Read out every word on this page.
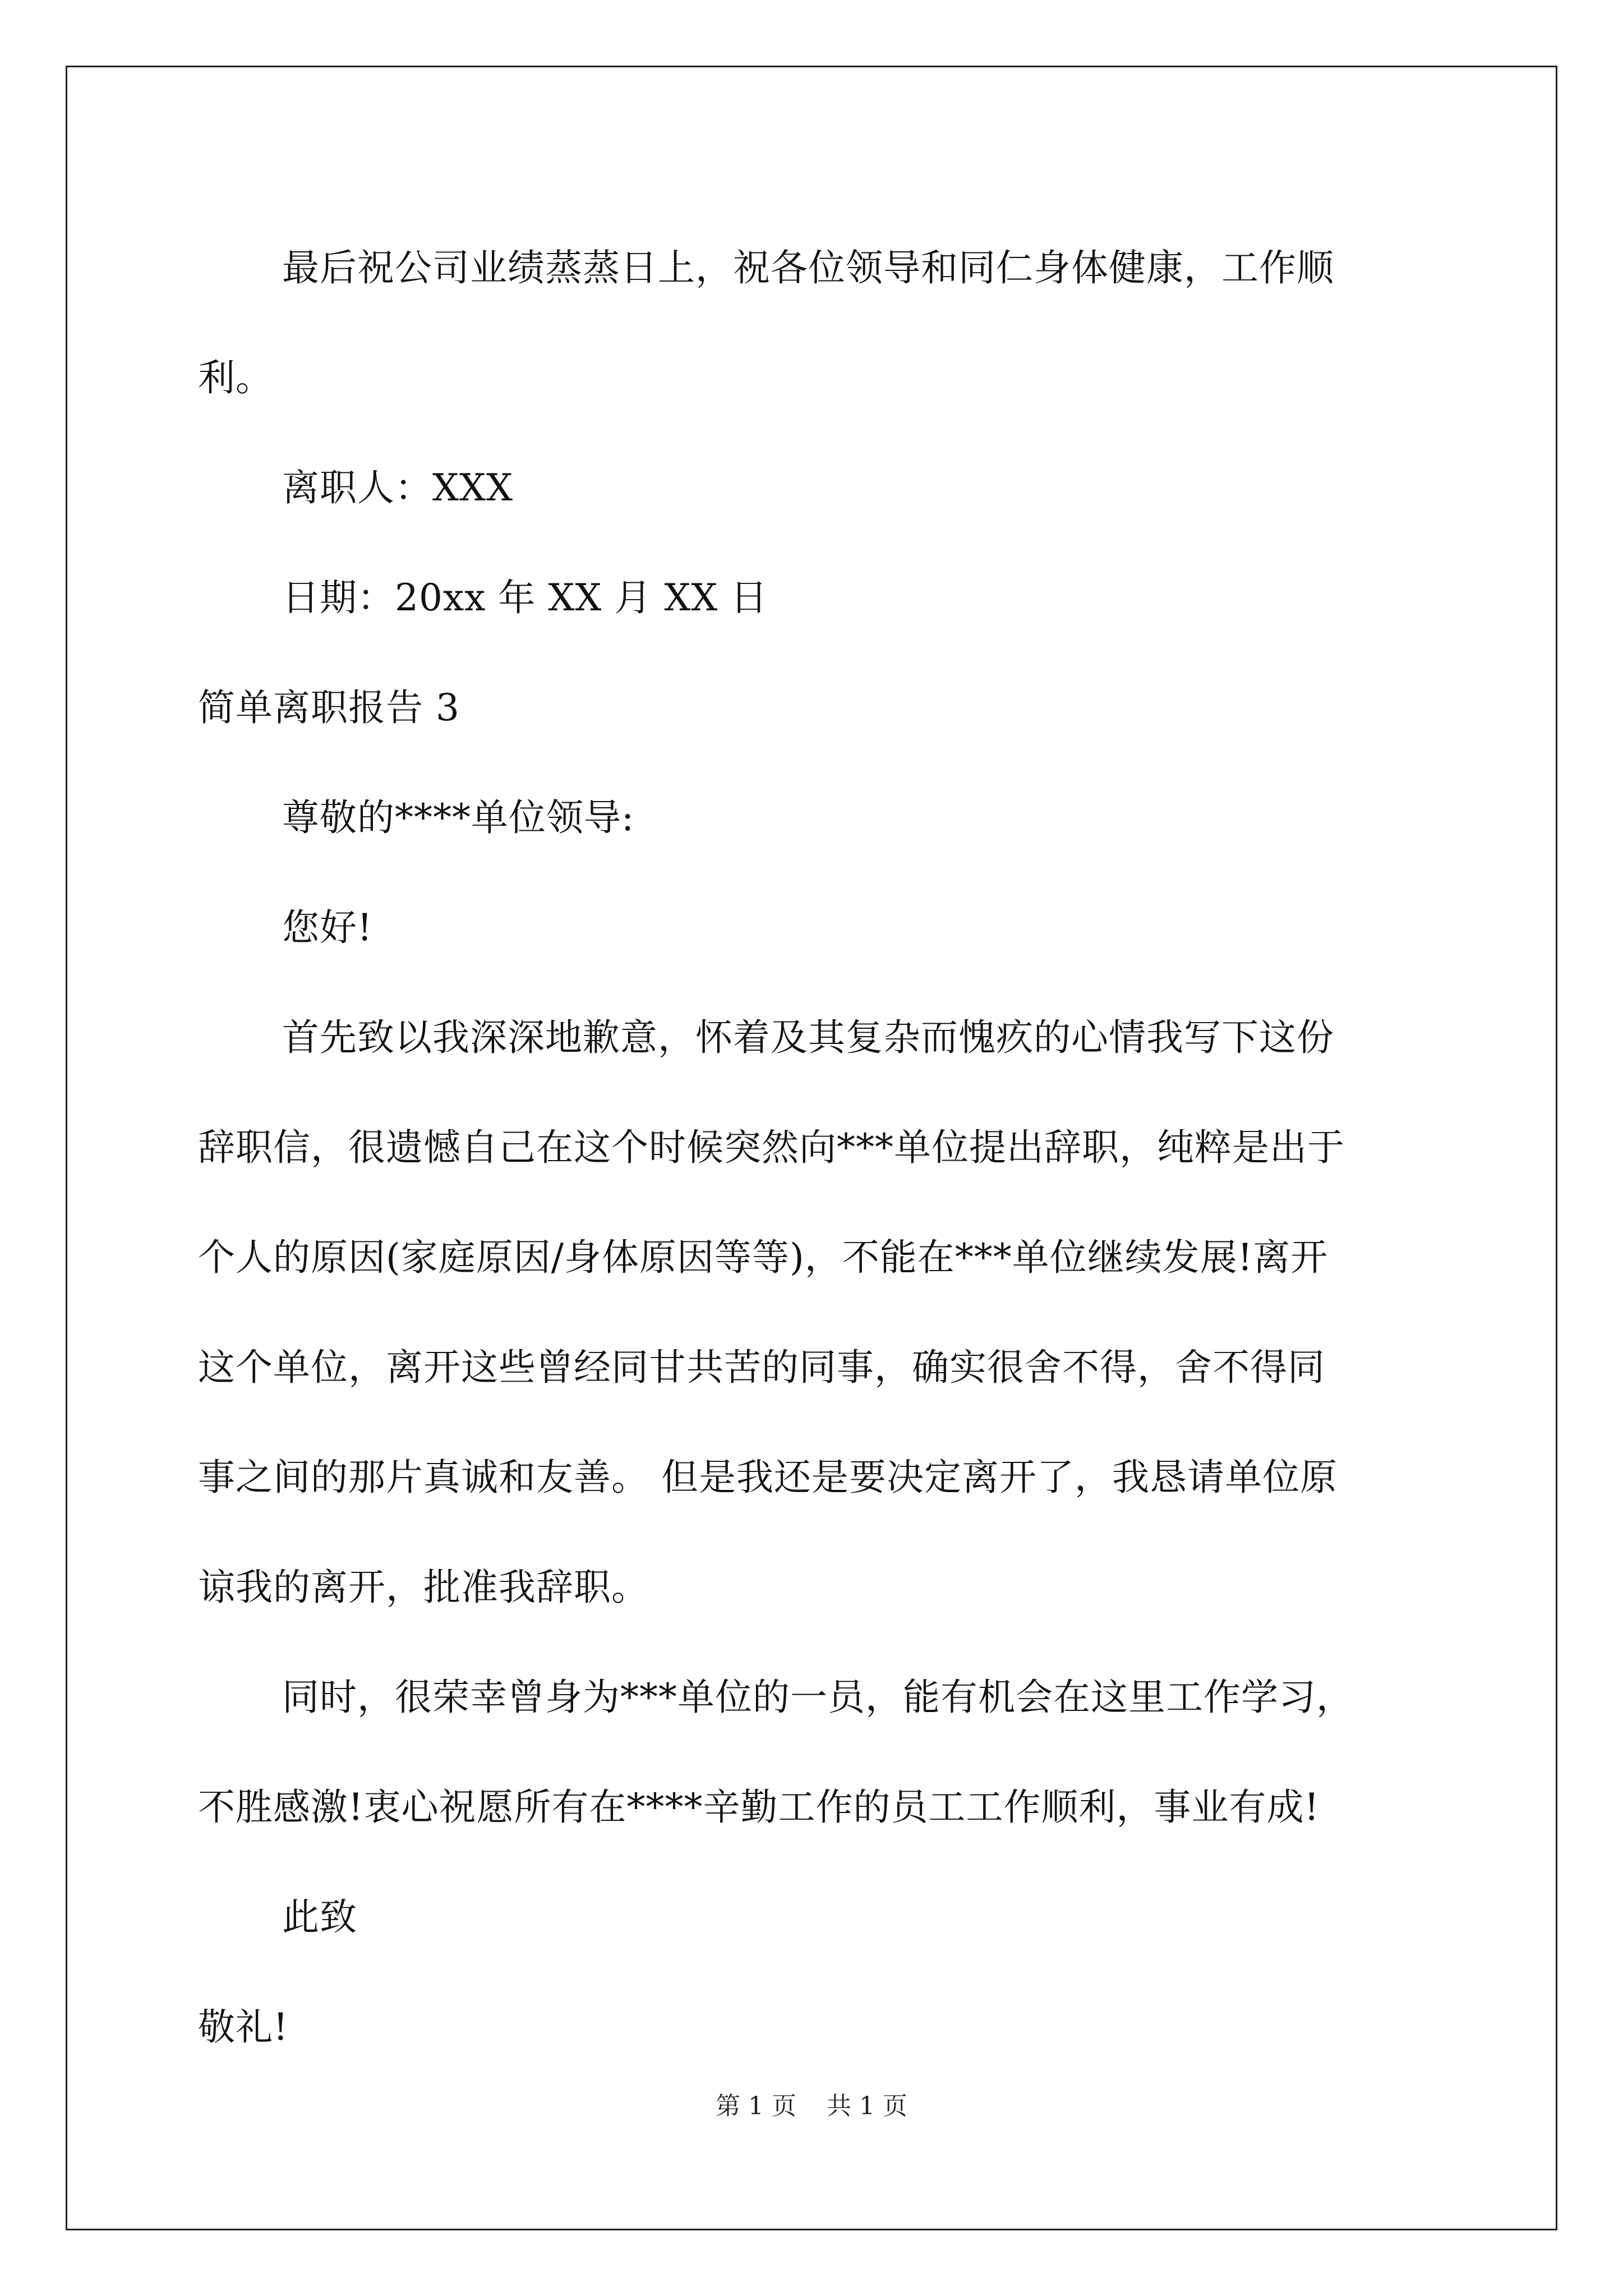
最后祝公司业绩蒸蒸日上，祝各位领导和同仁身体健康，工作顺
利。
离职人：XXX
日期：20xx 年 XX 月 XX 日
简单离职报告 3
尊敬的****单位领导:
您好!
首先致以我深深地歉意，怀着及其复杂而愧疚的心情我写下这份
辞职信，很遗憾自己在这个时候突然向***单位提出辞职，纯粹是出于
个人的原因(家庭原因/身体原因等等)，不能在***单位继续发展!离开
这个单位，离开这些曾经同甘共苦的同事，确实很舍不得，舍不得同
事之间的那片真诚和友善。 但是我还是要决定离开了，我恳请单位原
谅我的离开，批准我辞职。
同时，很荣幸曾身为***单位的一员，能有机会在这里工作学习，
不胜感激!衷心祝愿所有在****辛勤工作的员工工作顺利，事业有成!
此致
敬礼!
第 1 页 共 1 页
